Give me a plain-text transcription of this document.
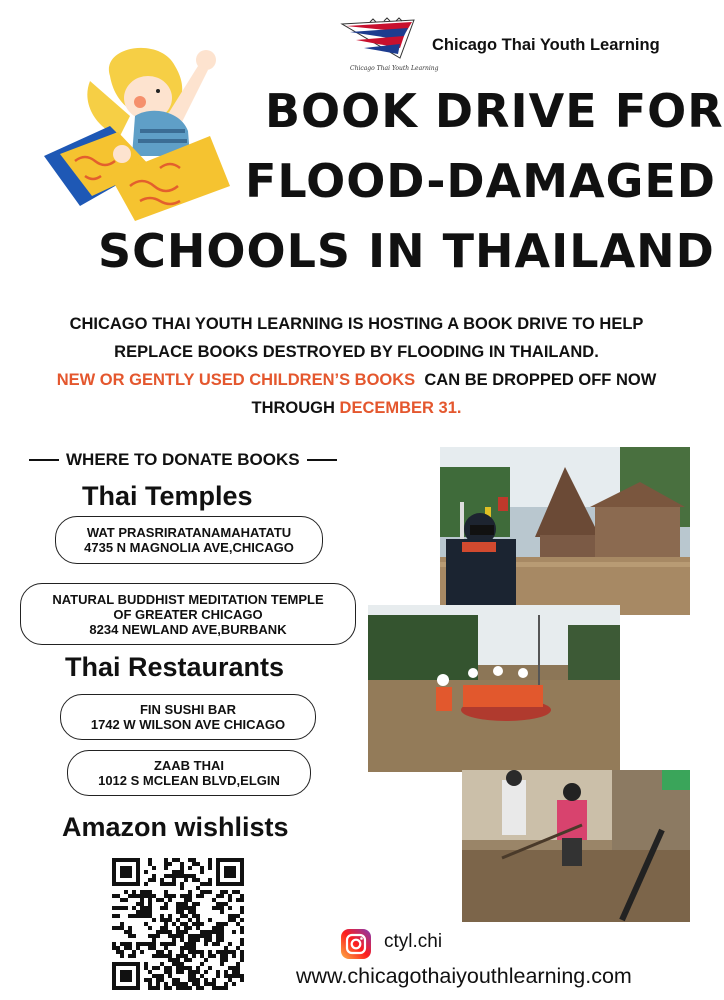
Chicago Thai Youth Learning
Chicago Thai Youth Learning
BOOK DRIVE FOR
FLOOD-DAMAGED
SCHOOLS IN THAILAND
CHICAGO THAI YOUTH LEARNING IS HOSTING A BOOK DRIVE TO HELP
REPLACE BOOKS DESTROYED BY FLOODING IN THAILAND.
NEW OR GENTLY USED CHILDREN’S BOOKS CAN BE DROPPED OFF NOW
THROUGH DECEMBER 31.
WHERE TO DONATE BOOKS
Thai Temples
WAT PRASRIRATANAMAHATATU
4735 N MAGNOLIA AVE,CHICAGO
NATURAL BUDDHIST MEDITATION TEMPLE
OF GREATER CHICAGO
8234 NEWLAND AVE,BURBANK
Thai Restaurants
FIN SUSHI BAR
1742 W WILSON AVE CHICAGO
ZAAB THAI
1012 S MCLEAN BLVD,ELGIN
Amazon wishlists
ctyl.chi
www.chicagothaiyouthlearning.com
